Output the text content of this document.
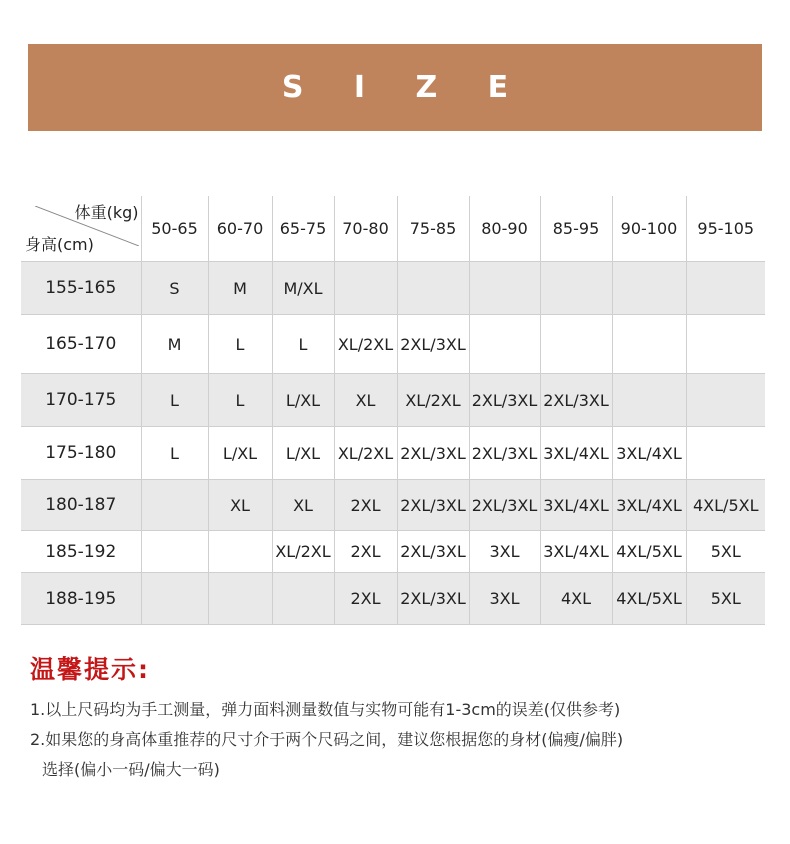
S I Z E
体重(kg)
身高(cm)	50-65	60-70	65-75	70-80	75-85	80-90	85-95	90-100	95-105
155-165	S	M	M/XL						
165-170	M	L	L	XL/2XL	2XL/3XL				
170-175	L	L	L/XL	XL	XL/2XL	2XL/3XL	2XL/3XL		
175-180	L	L/XL	L/XL	XL/2XL	2XL/3XL	2XL/3XL	3XL/4XL	3XL/4XL	
180-187		XL	XL	2XL	2XL/3XL	2XL/3XL	3XL/4XL	3XL/4XL	4XL/5XL
185-192			XL/2XL	2XL	2XL/3XL	3XL	3XL/4XL	4XL/5XL	5XL
188-195				2XL	2XL/3XL	3XL	4XL	4XL/5XL	5XL
温馨提示:
1.以上尺码均为手工测量，弹力面料测量数值与实物可能有1-3cm的误差(仅供参考)
2.如果您的身高体重推荐的尺寸介于两个尺码之间，建议您根据您的身材(偏瘦/偏胖)
选择(偏小一码/偏大一码)
